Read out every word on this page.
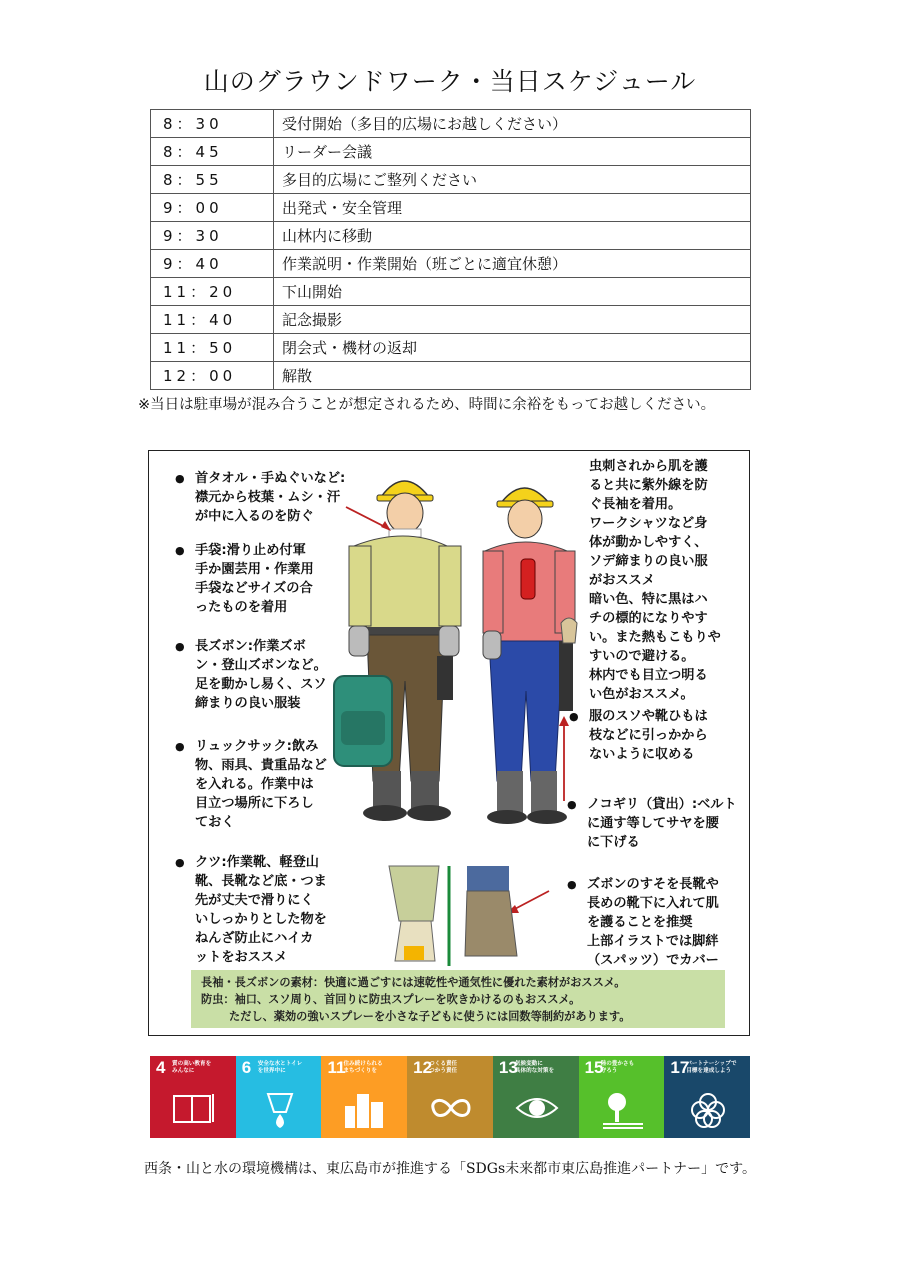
山のグラウンドワーク・当日スケジュール
8：30	受付開始（多目的広場にお越しください）
8：45	リーダー会議
8：55	多目的広場にご整列ください
9：00	出発式・安全管理
9：30	山林内に移動
9：40	作業説明・作業開始（班ごとに適宜休憩）
11：20	下山開始
11：40	記念撮影
11：50	閉会式・機材の返却
12：00	解散
※当日は駐車場が混み合うことが想定されるため、時間に余裕をもってお越しください。
● 首タオル・手ぬぐいなど:
襟元から枝葉・ムシ・汗
が中に入るのを防ぐ
● 手袋:滑り止め付軍
手か園芸用・作業用
手袋などサイズの合
ったものを着用
● 長ズボン:作業ズボ
ン・登山ズボンなど。
足を動かし易く、スソ
締まりの良い服装
● リュックサック:飲み
物、雨具、貴重品など
を入れる。作業中は
目立つ場所に下ろし
ておく
● クツ:作業靴、軽登山
靴、長靴など底・つま
先が丈夫で滑りにく
いしっかりとした物を
ねんざ防止にハイカ
ットをおススメ
虫刺されから肌を護
ると共に紫外線を防
ぐ長袖を着用。
ワークシャツなど身
体が動かしやすく、
ソデ締まりの良い服
がおススメ
暗い色、特に黒はハ
チの標的になりやす
い。また熱もこもりや
すいので避ける。
林内でも目立つ明る
い色がおススメ。
● 服のスソや靴ひもは
枝などに引っかから
ないように収める
● ノコギリ（貸出）:ベルト
に通す等してサヤを腰
に下げる
● ズボンのすそを長靴や
長めの靴下に入れて肌
を護ることを推奨
上部イラストでは脚絆
（スパッツ）でカバー
長袖・長ズボンの素材：快適に過ごすには速乾性や通気性に優れた素材がおススメ。
防虫：袖口、スソ周り、首回りに防虫スプレーを吹きかけるのもおススメ。
ただし、薬効の強いスプレーを小さな子どもに使うには回数等制約があります。
4 質の高い教育を
みんなに	6 安全な水とトイレ
を世界中に	11
住み続けられる
まちづくりを	12
つくる責任
つかう責任	13
気候変動に
具体的な対策を	15
陸の豊かさも
守ろう	17
パートナーシップで
目標を達成しよう
西条・山と水の環境機構は、東広島市が推進する「SDGs未来都市東広島推進パートナー」です。
